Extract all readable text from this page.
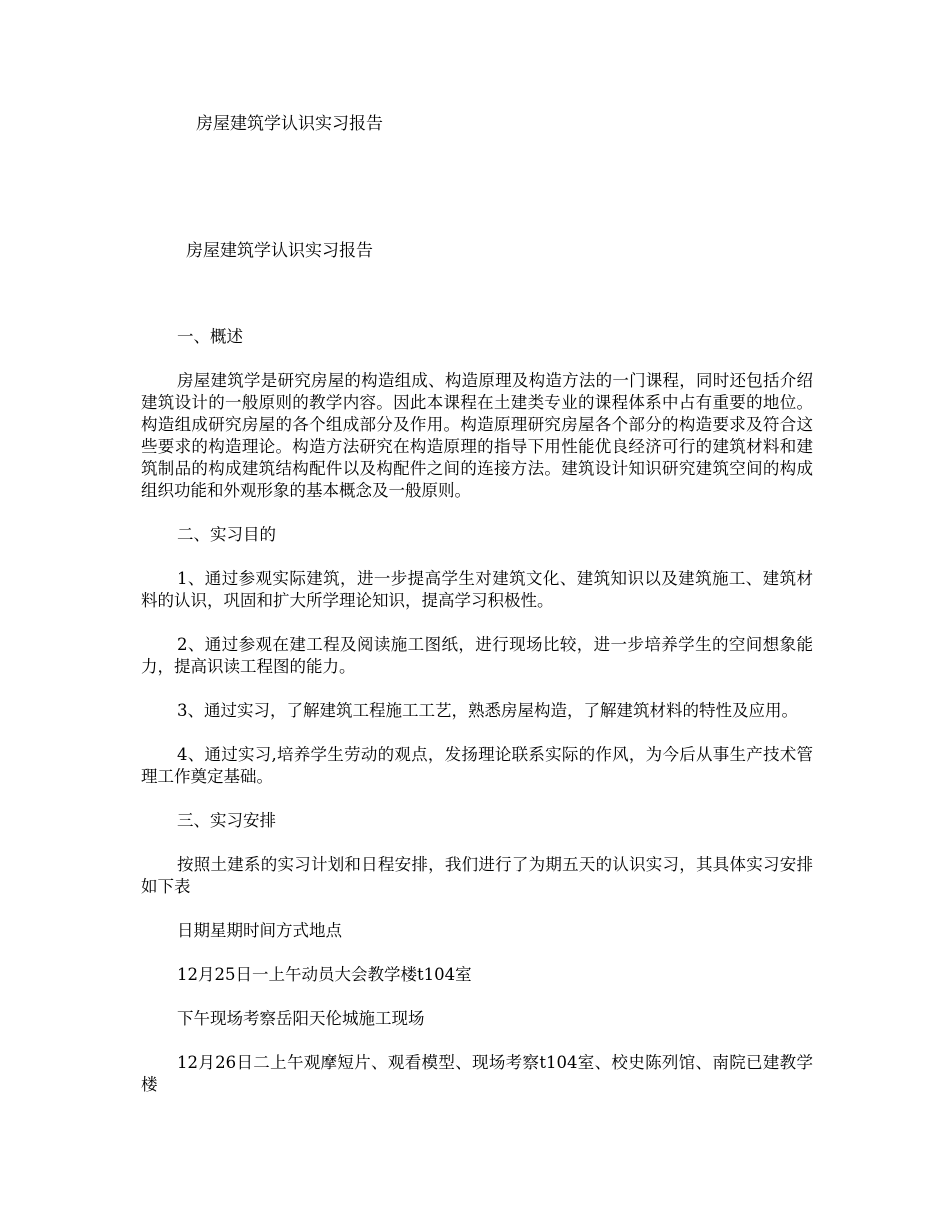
房屋建筑学认识实习报告
房屋建筑学认识实习报告

一、概述

房屋建筑学是研究房屋的构造组成、构造原理及构造方法的一门课程，同时还包括介绍建筑设计的一般原则的教学内容。因此本课程在土建类专业的课程体系中占有重要的地位。构造组成研究房屋的各个组成部分及作用。构造原理研究房屋各个部分的构造要求及符合这些要求的构造理论。构造方法研究在构造原理的指导下用性能优良经济可行的建筑材料和建筑制品的构成建筑结构配件以及构配件之间的连接方法。建筑设计知识研究建筑空间的构成组织功能和外观形象的基本概念及一般原则。

二、实习目的

1、通过参观实际建筑，进一步提高学生对建筑文化、建筑知识以及建筑施工、建筑材料的认识，巩固和扩大所学理论知识，提高学习积极性。

2、通过参观在建工程及阅读施工图纸，进行现场比较，进一步培养学生的空间想象能力，提高识读工程图的能力。

3、通过实习，了解建筑工程施工工艺，熟悉房屋构造，了解建筑材料的特性及应用。

4、通过实习,培养学生劳动的观点，发扬理论联系实际的作风，为今后从事生产技术管理工作奠定基础。

三、实习安排

按照土建系的实习计划和日程安排，我们进行了为期五天的认识实习，其具体实习安排如下表

日期星期时间方式地点

12月25日一上午动员大会教学楼t104室

下午现场考察岳阳天伦城施工现场

12月26日二上午观摩短片、观看模型、现场考察t104室、校史陈列馆、南院已建教学楼
